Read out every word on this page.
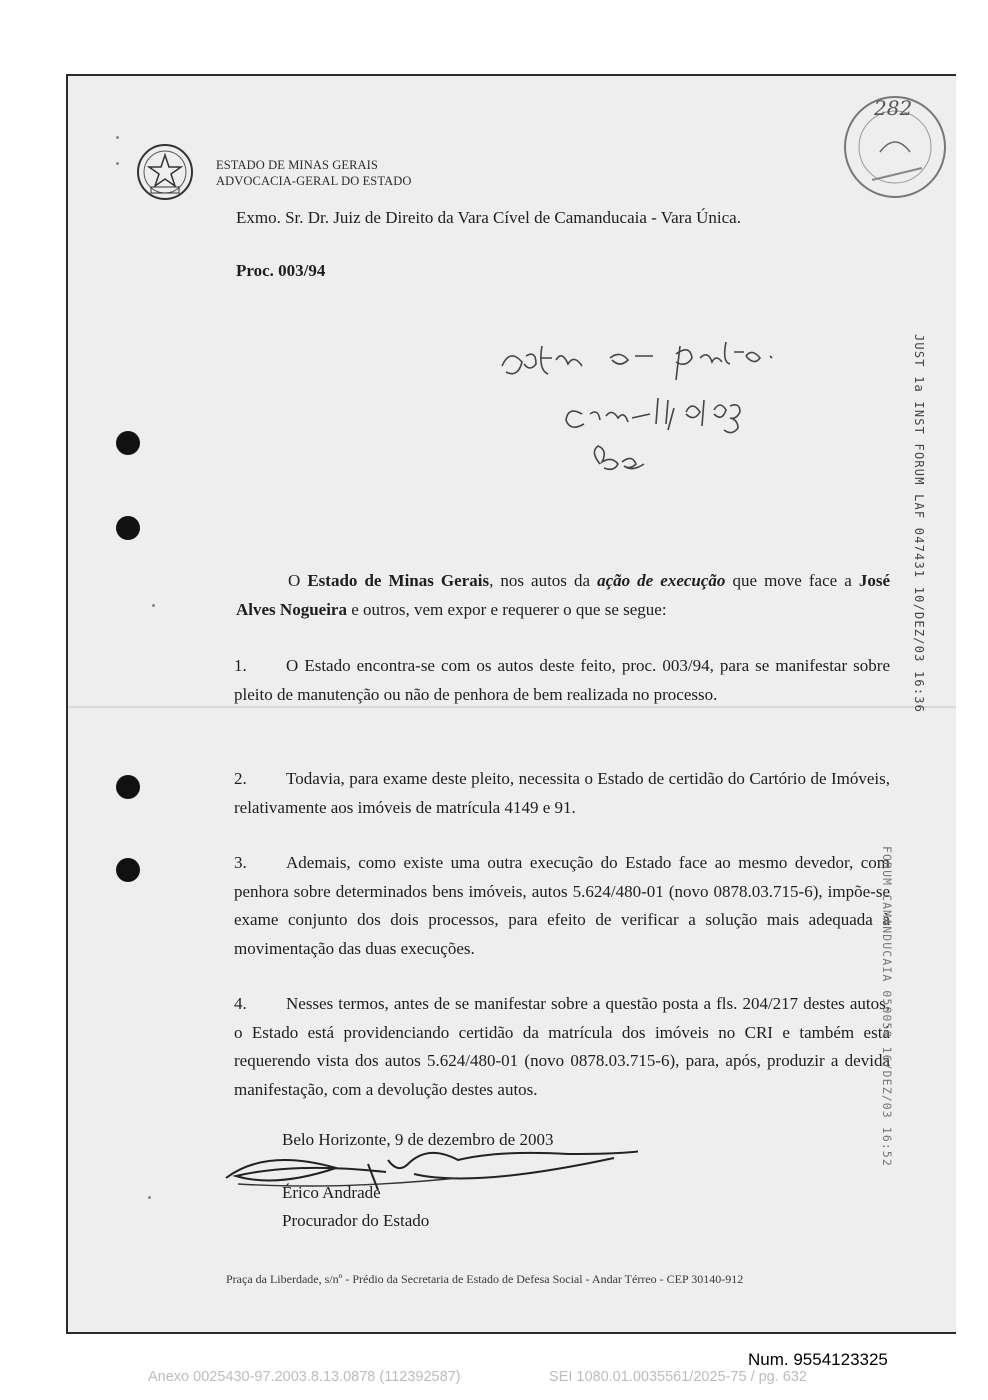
ESTADO DE MINAS GERAIS
ADVOCACIA-GERAL DO ESTADO
282
Exmo. Sr. Dr. Juiz de Direito da Vara Cível de Camanducaia - Vara Única.
Proc. 003/94
O Estado de Minas Gerais, nos autos da ação de execução que move face a José Alves Nogueira e outros, vem expor e requerer o que se segue:
1. O Estado encontra-se com os autos deste feito, proc. 003/94, para se manifestar sobre pleito de manutenção ou não de penhora de bem realizada no processo.
2. Todavia, para exame deste pleito, necessita o Estado de certidão do Cartório de Imóveis, relativamente aos imóveis de matrícula 4149 e 91.
3. Ademais, como existe uma outra execução do Estado face ao mesmo devedor, com penhora sobre determinados bens imóveis, autos 5.624/480-01 (novo 0878.03.715-6), impõe-se exame conjunto dos dois processos, para efeito de verificar a solução mais adequada à movimentação das duas execuções.
4. Nesses termos, antes de se manifestar sobre a questão posta a fls. 204/217 destes autos, o Estado está providenciando certidão da matrícula dos imóveis no CRI e também está requerendo vista dos autos 5.624/480-01 (novo 0878.03.715-6), para, após, produzir a devida manifestação, com a devolução destes autos.
Belo Horizonte, 9 de dezembro de 2003
Érico Andrade
Procurador do Estado
JUST 1a INST FORUM LAF 047431 10/DEZ/03 16:36
FORUM CAMANDUCAIA 050050 16/DEZ/03 16:52
Praça da Liberdade, s/nº - Prédio da Secretaria de Estado de Defesa Social - Andar Térreo - CEP 30140-912
Num. 9554123325
Anexo 0025430-97.2003.8.13.0878 (112392587)	SEI 1080.01.0035561/2025-75 / pg. 632
